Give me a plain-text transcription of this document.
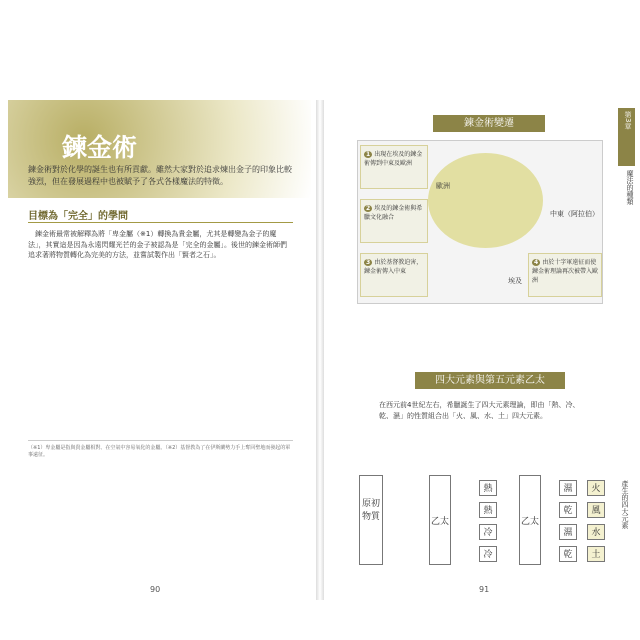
鍊金術
鍊金術對於化學的誕生也有所貢獻。雖然大家對於追求煉出金子的印象比較強烈，但在發展過程中也被賦予了各式各樣魔法的特徵。
目標為「完全」的學問
鍊金術最常被解釋為將「卑金屬（※1）轉換為貴金屬，尤其是轉變為金子的魔法」，其實這是因為永遠閃耀光芒的金子被認為是「完全的金屬」。後世的鍊金術師們追求著將物質轉化為完美的方法，並嘗試製作出「賢者之石」。
（※1）卑金屬是指與貴金屬相對、在空氣中容易氧化的金屬。（※2）基督教為了在伊斯蘭勢力手上奪回聖地而發起的軍事遠征。
90
第3章
魔法的種類
鍊金術變遷
歐洲
中東（阿拉伯）
埃及
1 出現在埃及的鍊金術傳到中東及歐洲
2 埃及的鍊金術與希臘文化融合
3 由於基督教迫害，鍊金術傳入中東
4 由於十字軍遠征而使鍊金術理論再次被帶入歐洲
四大元素與第五元素乙太
在西元前4世紀左右，希臘誕生了四大元素理論，即由「熱、冷、乾、濕」的性質組合出「火、風、水、土」四大元素。
原初物質	乙太
熱
熱
冷
冷
乙太
濕
乾
濕
乾
火
風
水
土
產生的四大元素
91
